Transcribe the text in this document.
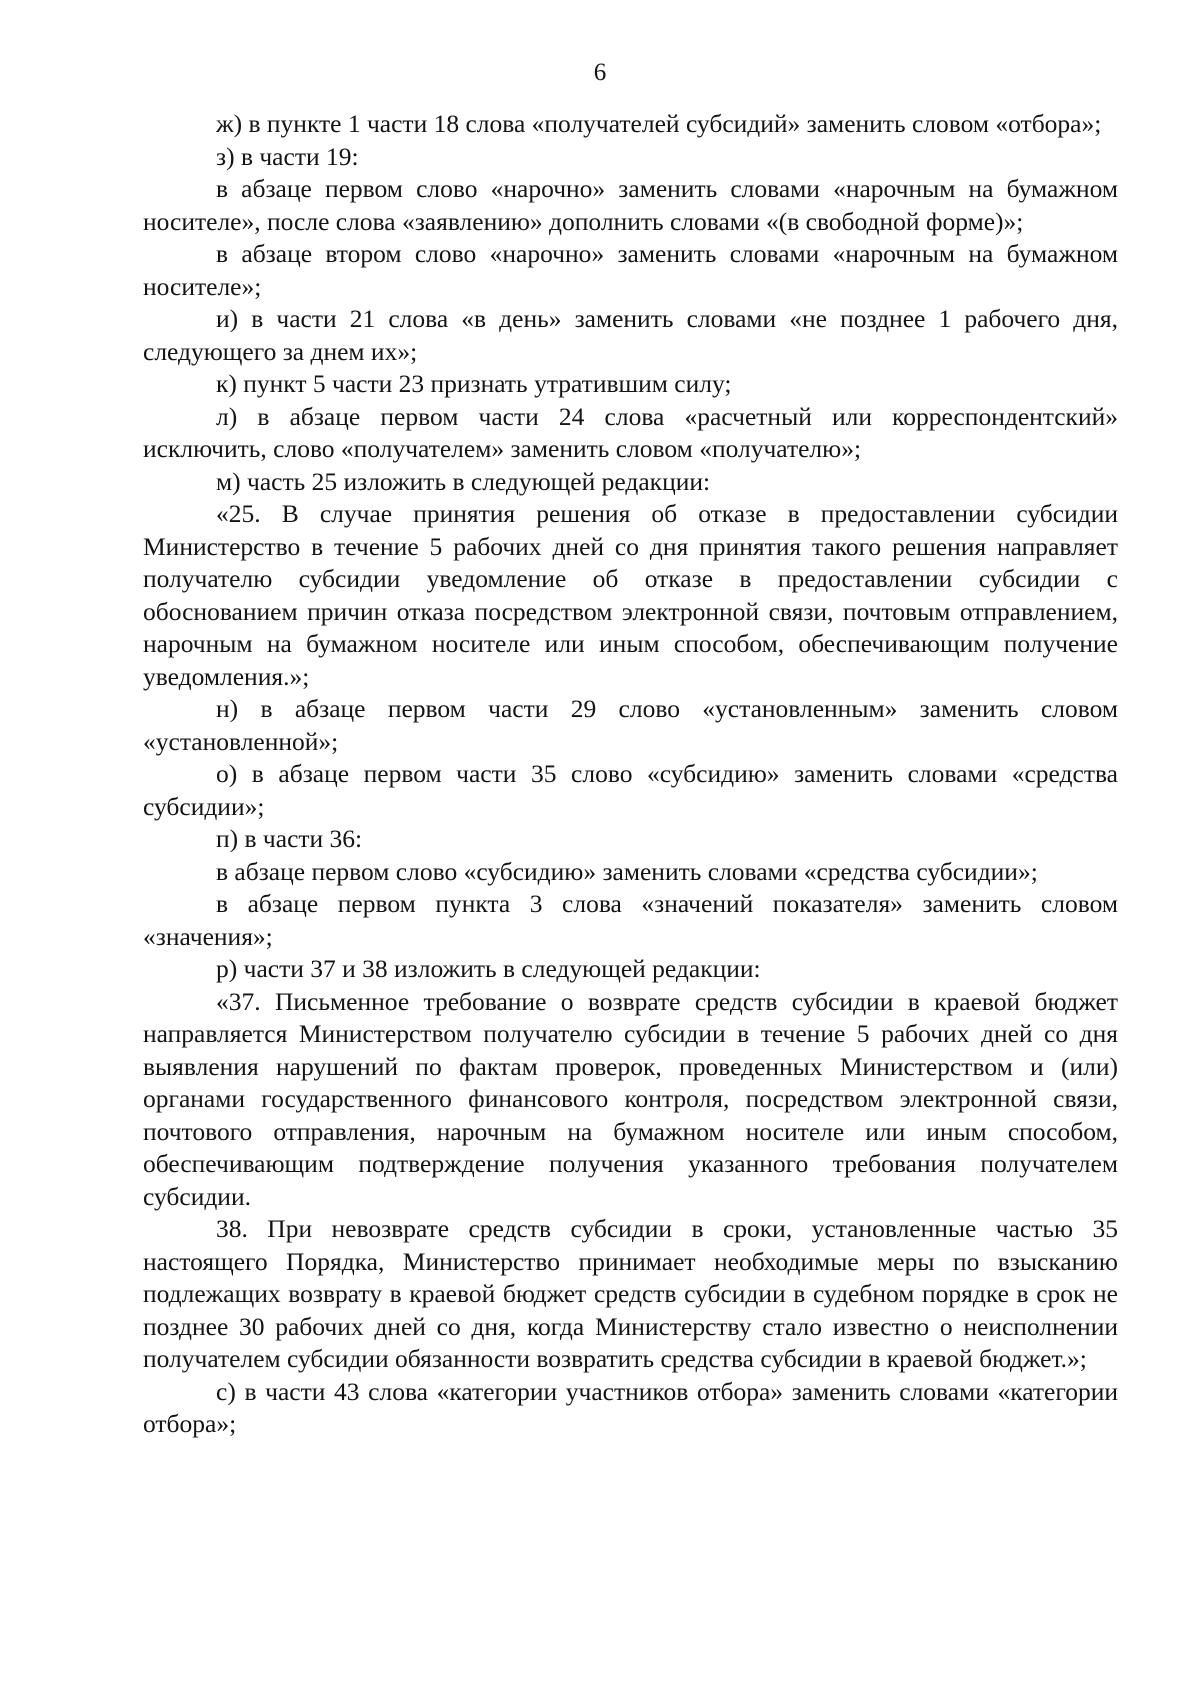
6

ж) в пункте 1 части 18 слова «получателей субсидий» заменить словом «отбора»;

з) в части 19:

в абзаце первом слово «нарочно» заменить словами «нарочным на бумажном носителе», после слова «заявлению» дополнить словами «(в свободной форме)»;

в абзаце втором слово «нарочно» заменить словами «нарочным на бумажном носителе»;

и) в части 21 слова «в день» заменить словами «не позднее 1 рабочего дня, следующего за днем их»;

к) пункт 5 части 23 признать утратившим силу;

л) в абзаце первом части 24 слова «расчетный или корреспондентский» исключить, слово «получателем» заменить словом «получателю»;

м) часть 25 изложить в следующей редакции:

«25. В случае принятия решения об отказе в предоставлении субсидии Министерство в течение 5 рабочих дней со дня принятия такого решения направляет получателю субсидии уведомление об отказе в предоставлении субсидии с обоснованием причин отказа посредством электронной связи, почтовым отправлением, нарочным на бумажном носителе или иным способом, обеспечивающим получение уведомления.»;

н) в абзаце первом части 29 слово «установленным» заменить словом «установленной»;

о) в абзаце первом части 35 слово «субсидию» заменить словами «средства субсидии»;

п) в части 36:

в абзаце первом слово «субсидию» заменить словами «средства субсидии»;

в абзаце первом пункта 3 слова «значений показателя» заменить словом «значения»;

р) части 37 и 38 изложить в следующей редакции:

«37. Письменное требование о возврате средств субсидии в краевой бюджет направляется Министерством получателю субсидии в течение 5 рабочих дней со дня выявления нарушений по фактам проверок, проведенных Министерством и (или) органами государственного финансового контроля, посредством электронной связи, почтового отправления, нарочным на бумажном носителе или иным способом, обеспечивающим подтверждение получения указанного требования получателем субсидии.

38. При невозврате средств субсидии в сроки, установленные частью 35 настоящего Порядка, Министерство принимает необходимые меры по взысканию подлежащих возврату в краевой бюджет средств субсидии в судебном порядке в срок не позднее 30 рабочих дней со дня, когда Министерству стало известно о неисполнении получателем субсидии обязанности возвратить средства субсидии в краевой бюджет.»;

с) в части 43 слова «категории участников отбора» заменить словами «категории отбора»;
